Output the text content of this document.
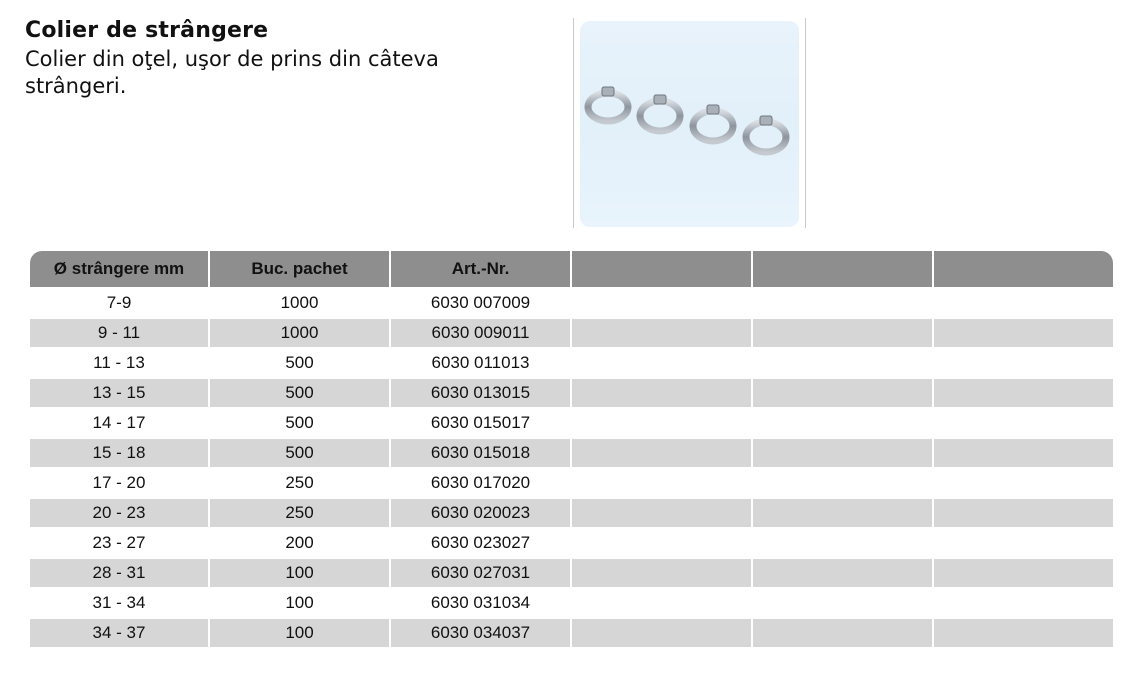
Colier de strângere
Colier din oţel, uşor de prins din câteva strângeri.
Ø strângere mm	Buc. pachet	Art.-Nr.			
7-9	1000	6030 007009			
9 - 11	1000	6030 009011			
11 - 13	500	6030 011013			
13 - 15	500	6030 013015			
14 - 17	500	6030 015017			
15 - 18	500	6030 015018			
17 - 20	250	6030 017020			
20 - 23	250	6030 020023			
23 - 27	200	6030 023027			
28 - 31	100	6030 027031			
31 - 34	100	6030 031034			
34 - 37	100	6030 034037			
